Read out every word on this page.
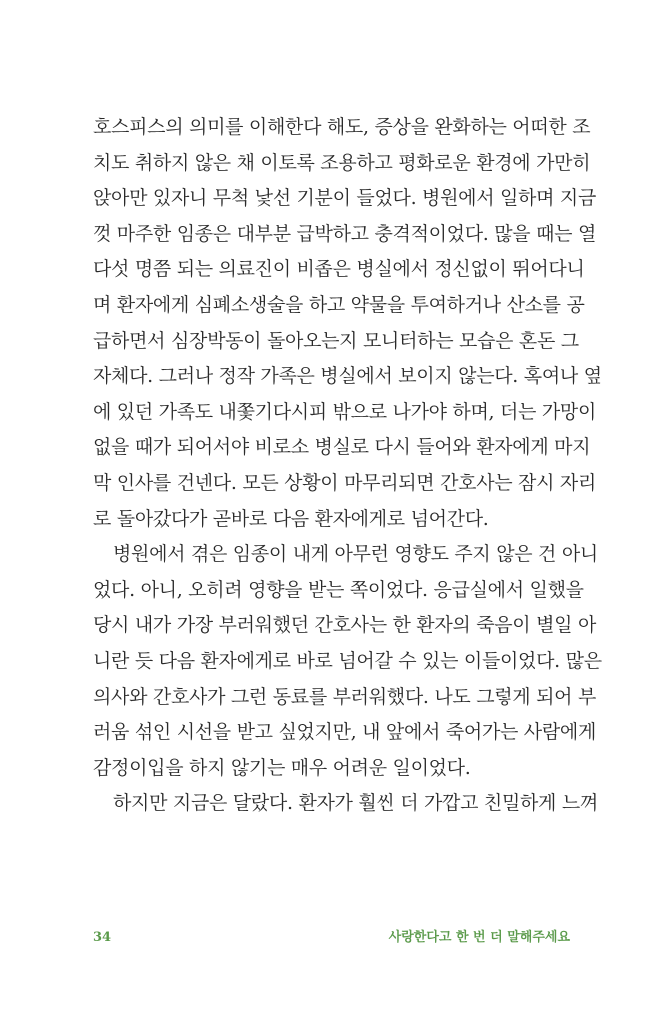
호스피스의 의미를 이해한다 해도, 증상을 완화하는 어떠한 조
치도 취하지 않은 채 이토록 조용하고 평화로운 환경에 가만히
앉아만 있자니 무척 낯선 기분이 들었다. 병원에서 일하며 지금
껏 마주한 임종은 대부분 급박하고 충격적이었다. 많을 때는 열
다섯 명쯤 되는 의료진이 비좁은 병실에서 정신없이 뛰어다니
며 환자에게 심폐소생술을 하고 약물을 투여하거나 산소를 공
급하면서 심장박동이 돌아오는지 모니터하는 모습은 혼돈 그
자체다. 그러나 정작 가족은 병실에서 보이지 않는다. 혹여나 옆
에 있던 가족도 내쫓기다시피 밖으로 나가야 하며, 더는 가망이
없을 때가 되어서야 비로소 병실로 다시 들어와 환자에게 마지
막 인사를 건넨다. 모든 상황이 마무리되면 간호사는 잠시 자리
로 돌아갔다가 곧바로 다음 환자에게로 넘어간다.
병원에서 겪은 임종이 내게 아무런 영향도 주지 않은 건 아니
었다. 아니, 오히려 영향을 받는 쪽이었다. 응급실에서 일했을
당시 내가 가장 부러워했던 간호사는 한 환자의 죽음이 별일 아
니란 듯 다음 환자에게로 바로 넘어갈 수 있는 이들이었다. 많은
의사와 간호사가 그런 동료를 부러워했다. 나도 그렇게 되어 부
러움 섞인 시선을 받고 싶었지만, 내 앞에서 죽어가는 사람에게
감정이입을 하지 않기는 매우 어려운 일이었다.
하지만 지금은 달랐다. 환자가 훨씬 더 가깝고 친밀하게 느껴
34	사랑한다고 한 번 더 말해주세요
